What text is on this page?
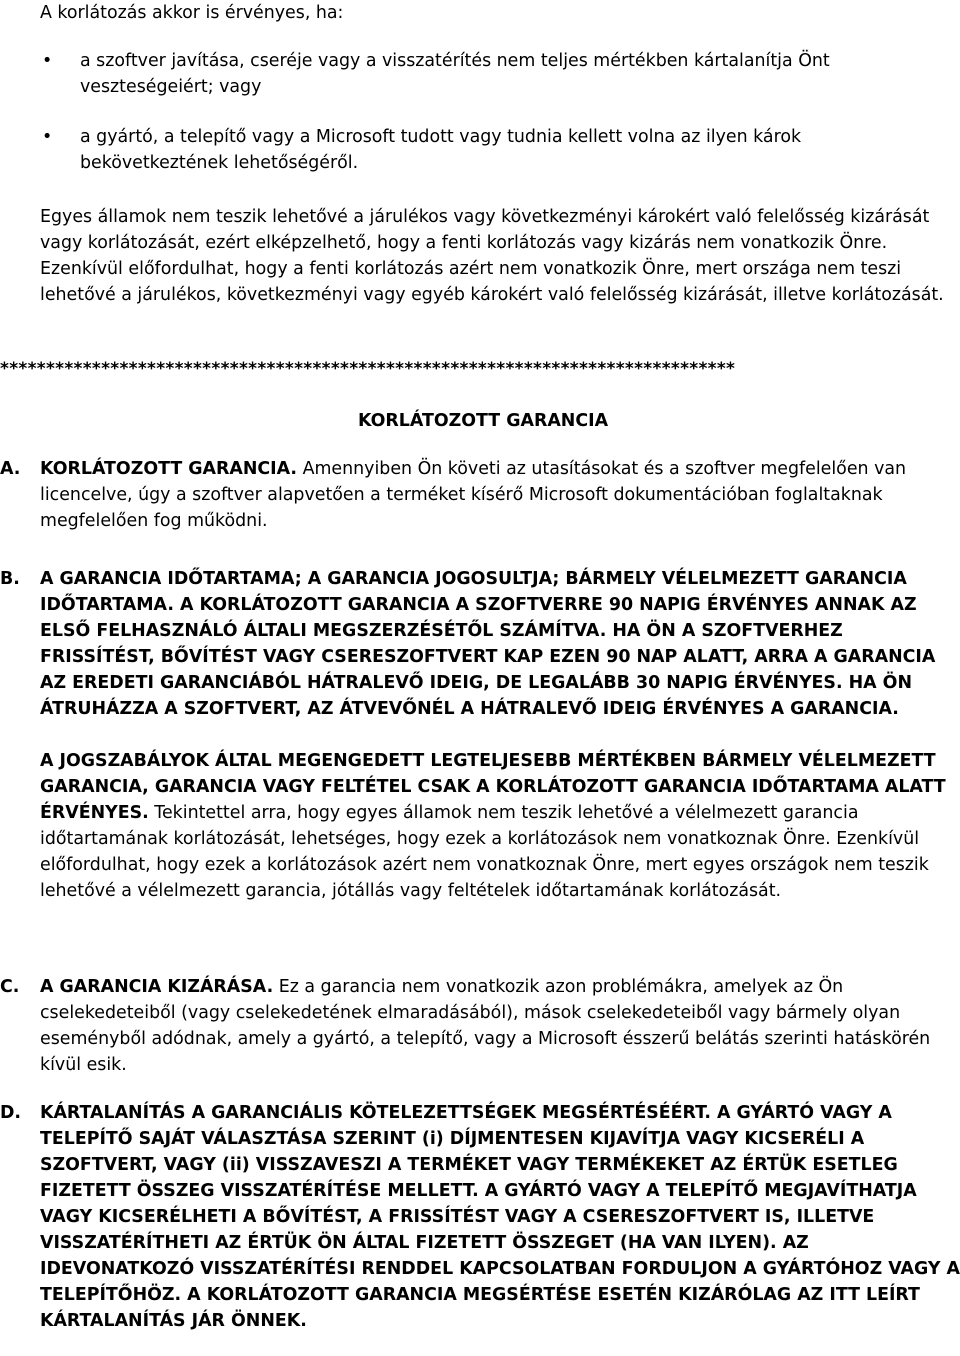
A korlátozás akkor is érvényes, ha:

• a szoftver javítása, cseréje vagy a visszatérítés nem teljes mértékben kártalanítja Önt veszteségeiért; vagy
• a gyártó, a telepítő vagy a Microsoft tudott vagy tudnia kellett volna az ilyen károk bekövetkeztének lehetőségéről.

Egyes államok nem teszik lehetővé a járulékos vagy következményi károkért való felelősség kizárását vagy korlátozását, ezért elképzelhető, hogy a fenti korlátozás vagy kizárás nem vonatkozik Önre. Ezenkívül előfordulhat, hogy a fenti korlátozás azért nem vonatkozik Önre, mert országa nem teszi lehetővé a járulékos, következményi vagy egyéb károkért való felelősség kizárását, illetve korlátozását.

********************************************************************************

KORLÁTOZOTT GARANCIA

A.	KORLÁTOZOTT GARANCIA. Amennyiben Ön követi az utasításokat és a szoftver megfelelően van licencelve, úgy a szoftver alapvetően a terméket kísérő Microsoft dokumentációban foglaltaknak megfelelően fog működni.

B.	A GARANCIA IDŐTARTAMA; A GARANCIA JOGOSULTJA; BÁRMELY VÉLELMEZETT GARANCIA IDŐTARTAMA. A KORLÁTOZOTT GARANCIA A SZOFTVERRE 90 NAPIG ÉRVÉNYES ANNAK AZ ELSŐ FELHASZNÁLÓ ÁLTALI MEGSZERZÉSÉTŐL SZÁMÍTVA. HA ÖN A SZOFTVERHEZ FRISSÍTÉST, BŐVÍTÉST VAGY CSERESZOFTVERT KAP EZEN 90 NAP ALATT, ARRA A GARANCIA AZ EREDETI GARANCIÁBÓL HÁTRALEVŐ IDEIG, DE LEGALÁBB 30 NAPIG ÉRVÉNYES. HA ÖN ÁTRUHÁZZA A SZOFTVERT, AZ ÁTVEVŐNÉL A HÁTRALEVŐ IDEIG ÉRVÉNYES A GARANCIA.

A JOGSZABÁLYOK ÁLTAL MEGENGEDETT LEGTELJESEBB MÉRTÉKBEN BÁRMELY VÉLELMEZETT GARANCIA, GARANCIA VAGY FELTÉTEL CSAK A KORLÁTOZOTT GARANCIA IDŐTARTAMA ALATT ÉRVÉNYES. Tekintettel arra, hogy egyes államok nem teszik lehetővé a vélelmezett garancia időtartamának korlátozását, lehetséges, hogy ezek a korlátozások nem vonatkoznak Önre. Ezenkívül előfordulhat, hogy ezek a korlátozások azért nem vonatkoznak Önre, mert egyes országok nem teszik lehetővé a vélelmezett garancia, jótállás vagy feltételek időtartamának korlátozását.

C.	A GARANCIA KIZÁRÁSA. Ez a garancia nem vonatkozik azon problémákra, amelyek az Ön cselekedeteiből (vagy cselekedetének elmaradásából), mások cselekedeteiből vagy bármely olyan eseményből adódnak, amely a gyártó, a telepítő, vagy a Microsoft ésszerű belátás szerinti hatáskörén kívül esik.

D.	KÁRTALANÍTÁS A GARANCIÁLIS KÖTELEZETTSÉGEK MEGSÉRTÉSÉÉRT. A GYÁRTÓ VAGY A TELEPÍTŐ SAJÁT VÁLASZTÁSA SZERINT (i) DÍJMENTESEN KIJAVÍTJA VAGY KICSERÉLI A SZOFTVERT, VAGY (ii) VISSZAVESZI A TERMÉKET VAGY TERMÉKEKET AZ ÉRTÜK ESETLEG FIZETETT ÖSSZEG VISSZATÉRÍTÉSE MELLETT. A GYÁRTÓ VAGY A TELEPÍTŐ MEGJAVÍTHATJA VAGY KICSERÉLHETI A BŐVÍTÉST, A FRISSÍTÉST VAGY A CSERESZOFTVERT IS, ILLETVE VISSZATÉRÍTHETI AZ ÉRTÜK ÖN ÁLTAL FIZETETT ÖSSZEGET (HA VAN ILYEN). AZ IDEVONATKOZÓ VISSZATÉRÍTÉSI RENDDEL KAPCSOLATBAN FORDULJON A GYÁRTÓHOZ VAGY A TELEPÍTŐHÖZ. A KORLÁTOZOTT GARANCIA MEGSÉRTÉSE ESETÉN KIZÁRÓLAG AZ ITT LEÍRT KÁRTALANÍTÁS JÁR ÖNNEK.
